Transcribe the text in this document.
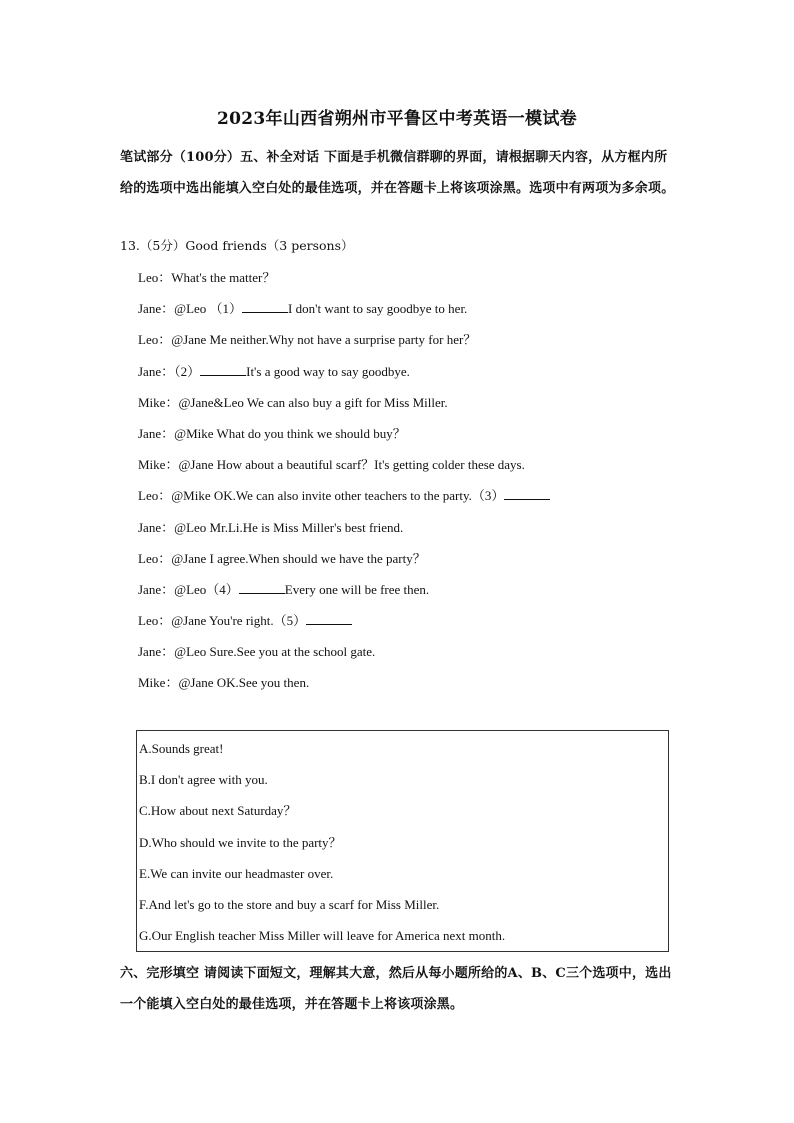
2023年山西省朔州市平鲁区中考英语一模试卷
笔试部分（100分）五、补全对话 下面是手机微信群聊的界面，请根据聊天内容，从方框内所给的选项中选出能填入空白处的最佳选项，并在答题卡上将该项涂黑。选项中有两项为多余项。
13.（5分）Good friends（3 persons）
Leo：What's the matter？
Jane：@Leo （1）	I don't want to say goodbye to her.
Leo：@Jane Me neither.Why not have a surprise party for her？
Jane：（2）	It's a good way to say goodbye.
Mike：@Jane&Leo We can also buy a gift for Miss Miller.
Jane：@Mike What do you think we should buy？
Mike：@Jane How about a beautiful scarf？It's getting colder these days.
Leo：@Mike OK.We can also invite other teachers to the party.（3）
Jane：@Leo Mr.Li.He is Miss Miller's best friend.
Leo：@Jane I agree.When should we have the party？
Jane：@Leo（4）	Every one will be free then.
Leo：@Jane You're right.（5）
Jane：@Leo Sure.See you at the school gate.
Mike：@Jane OK.See you then.
A.Sounds great!
B.I don't agree with you.
C.How about next Saturday？
D.Who should we invite to the party？
E.We can invite our headmaster over.
F.And let's go to the store and buy a scarf for Miss Miller.
G.Our English teacher Miss Miller will leave for America next month.
六、完形填空 请阅读下面短文，理解其大意，然后从每小题所给的A、B、C三个选项中，选出一个能填入空白处的最佳选项，并在答题卡上将该项涂黑。
